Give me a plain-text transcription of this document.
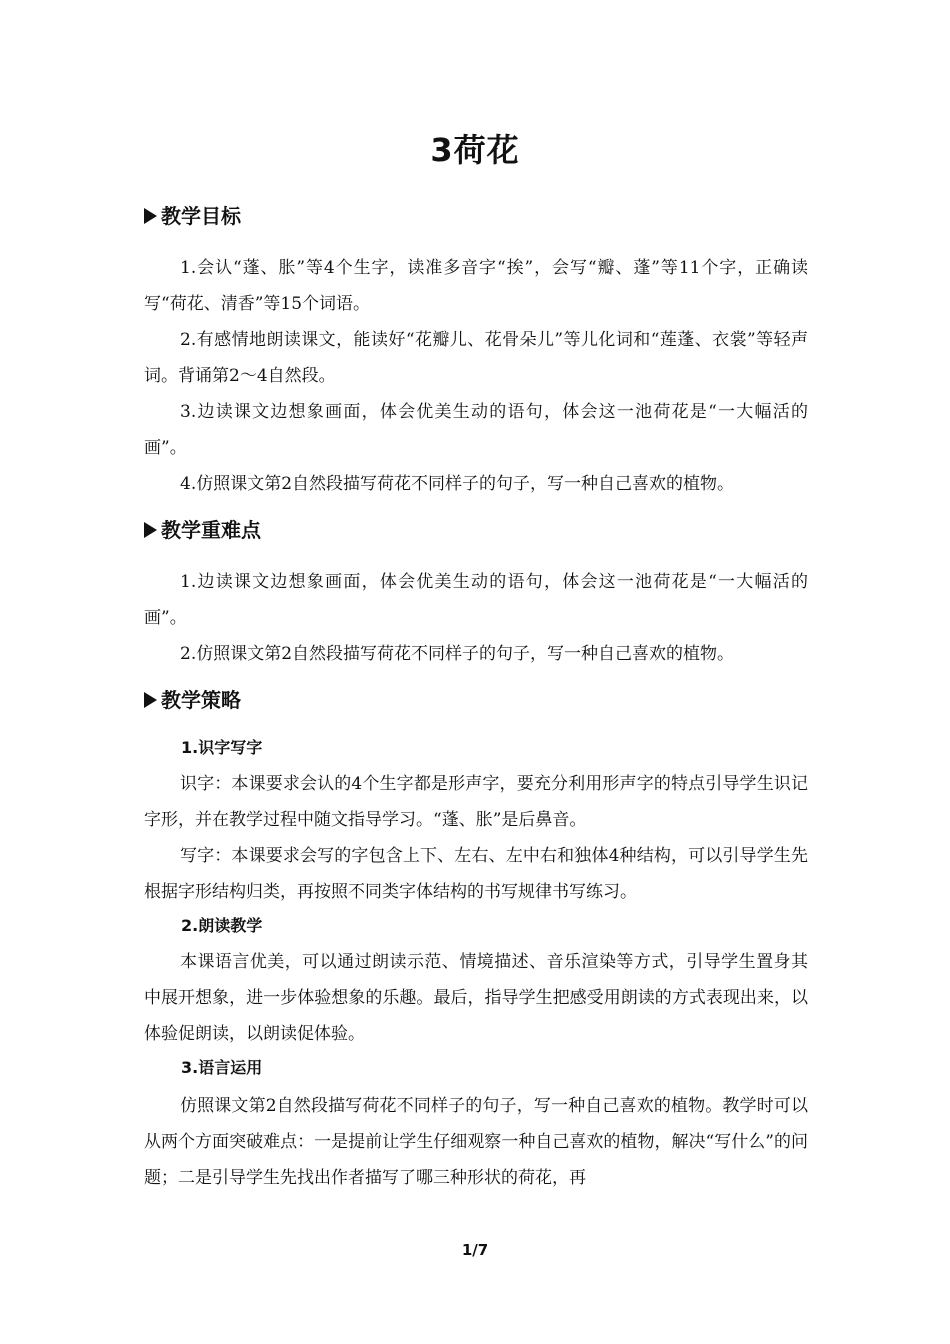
3荷花
教学目标

1.会认“蓬、胀”等4个生字，读准多音字“挨”，会写“瓣、蓬”等11个字，正确读写“荷花、清香”等15个词语。

2.有感情地朗读课文，能读好“花瓣儿、花骨朵儿”等儿化词和“莲蓬、衣裳”等轻声词。背诵第2～4自然段。

3.边读课文边想象画面，体会优美生动的语句，体会这一池荷花是“一大幅活的画”。

4.仿照课文第2自然段描写荷花不同样子的句子，写一种自己喜欢的植物。

教学重难点

1.边读课文边想象画面，体会优美生动的语句，体会这一池荷花是“一大幅活的画”。

2.仿照课文第2自然段描写荷花不同样子的句子，写一种自己喜欢的植物。

教学策略
1.识字写字

识字：本课要求会认的4个生字都是形声字，要充分利用形声字的特点引导学生识记字形，并在教学过程中随文指导学习。“蓬、胀”是后鼻音。

写字：本课要求会写的字包含上下、左右、左中右和独体4种结构，可以引导学生先根据字形结构归类，再按照不同类字体结构的书写规律书写练习。

2.朗读教学

本课语言优美，可以通过朗读示范、情境描述、音乐渲染等方式，引导学生置身其中展开想象，进一步体验想象的乐趣。最后，指导学生把感受用朗读的方式表现出来，以体验促朗读，以朗读促体验。

3.语言运用

仿照课文第2自然段描写荷花不同样子的句子，写一种自己喜欢的植物。教学时可以从两个方面突破难点：一是提前让学生仔细观察一种自己喜欢的植物，解决“写什么”的问题；二是引导学生先找出作者描写了哪三种形状的荷花，再

1/7
